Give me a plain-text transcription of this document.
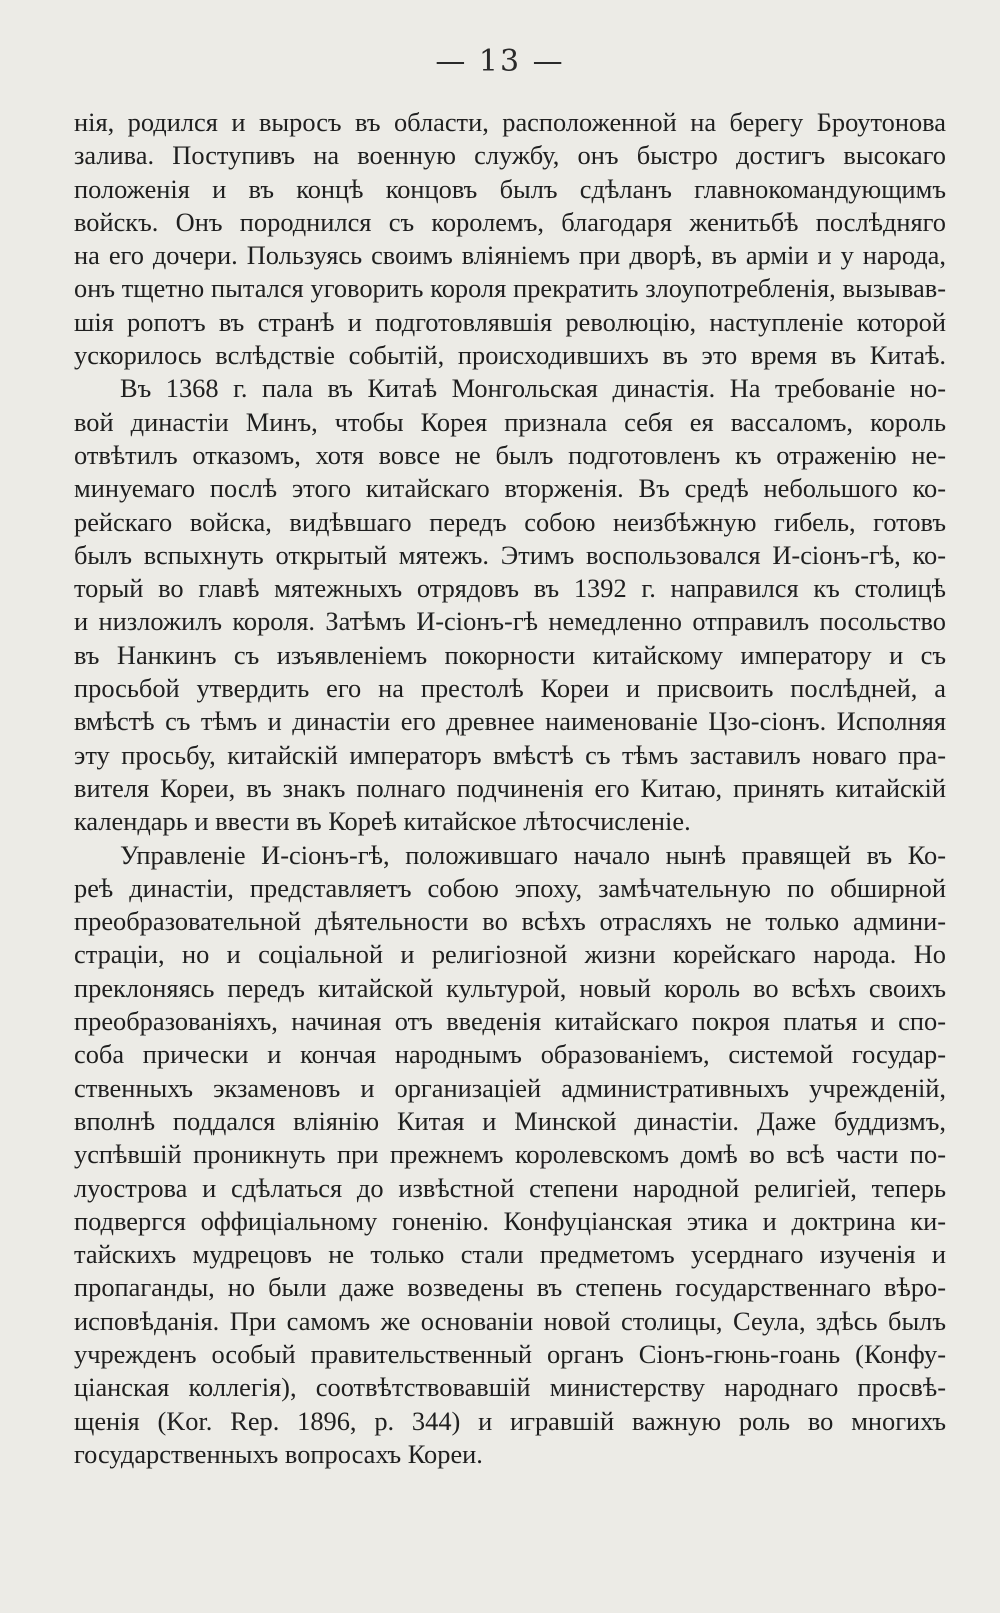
— 13 —
нія, родился и выросъ въ области, расположенной на берегу Броутонова
залива. Поступивъ на военную службу, онъ быстро достигъ высокаго
положенія и въ концѣ концовъ былъ сдѣланъ главнокомандующимъ
войскъ. Онъ породнился съ королемъ, благодаря женитьбѣ послѣдняго
на его дочери. Пользуясь своимъ вліяніемъ при дворѣ, въ арміи и у народа,
онъ тщетно пытался уговорить короля прекратить злоупотребленія, вызывав-
шія ропотъ въ странѣ и подготовлявшія революцію, наступленіе которой
ускорилось вслѣдствіе событій, происходившихъ въ это время въ Китаѣ.
Въ 1368 г. пала въ Китаѣ Монгольская династія. На требованіе но-
вой династіи Минъ, чтобы Корея признала себя ея вассаломъ, король
отвѣтилъ отказомъ, хотя вовсе не былъ подготовленъ къ отраженію не-
минуемаго послѣ этого китайскаго вторженія. Въ средѣ небольшого ко-
рейскаго войска, видѣвшаго передъ собою неизбѣжную гибель, готовъ
былъ вспыхнуть открытый мятежъ. Этимъ воспользовался И-сіонъ-гѣ, ко-
торый во главѣ мятежныхъ отрядовъ въ 1392 г. направился къ столицѣ
и низложилъ короля. Затѣмъ И-сіонъ-гѣ немедленно отправилъ посольство
въ Нанкинъ съ изъявленіемъ покорности китайскому императору и съ
просьбой утвердить его на престолѣ Кореи и присвоить послѣдней, а
вмѣстѣ съ тѣмъ и династіи его древнее наименованіе Цзо-сіонъ. Исполняя
эту просьбу, китайскій императоръ вмѣстѣ съ тѣмъ заставилъ новаго пра-
вителя Кореи, въ знакъ полнаго подчиненія его Китаю, принять китайскій
календарь и ввести въ Кореѣ китайское лѣтосчисленіе.
Управленіе И-сіонъ-гѣ, положившаго начало нынѣ правящей въ Ко-
реѣ династіи, представляетъ собою эпоху, замѣчательную по обширной
преобразовательной дѣятельности во всѣхъ отрасляхъ не только админи-
страціи, но и соціальной и религіозной жизни корейскаго народа. Но
преклоняясь передъ китайской культурой, новый король во всѣхъ своихъ
преобразованіяхъ, начиная отъ введенія китайскаго покроя платья и спо-
соба прически и кончая народнымъ образованіемъ, системой государ-
ственныхъ экзаменовъ и организаціей административныхъ учрежденій,
вполнѣ поддался вліянію Китая и Минской династіи. Даже буддизмъ,
успѣвшій проникнуть при прежнемъ королевскомъ домѣ во всѣ части по-
луострова и сдѣлаться до извѣстной степени народной религіей, теперь
подвергся оффиціальному гоненію. Конфуціанская этика и доктрина ки-
тайскихъ мудрецовъ не только стали предметомъ усерднаго изученія и
пропаганды, но были даже возведены въ степень государственнаго вѣро-
исповѣданія. При самомъ же основаніи новой столицы, Сеула, здѣсь былъ
учрежденъ особый правительственный органъ Сіонъ-гюнь-гоань (Конфу-
ціанская коллегія), соотвѣтствовавшій министерству народнаго просвѣ-
щенія (Kor. Rep. 1896, p. 344) и игравшій важную роль во многихъ
государственныхъ вопросахъ Кореи.
